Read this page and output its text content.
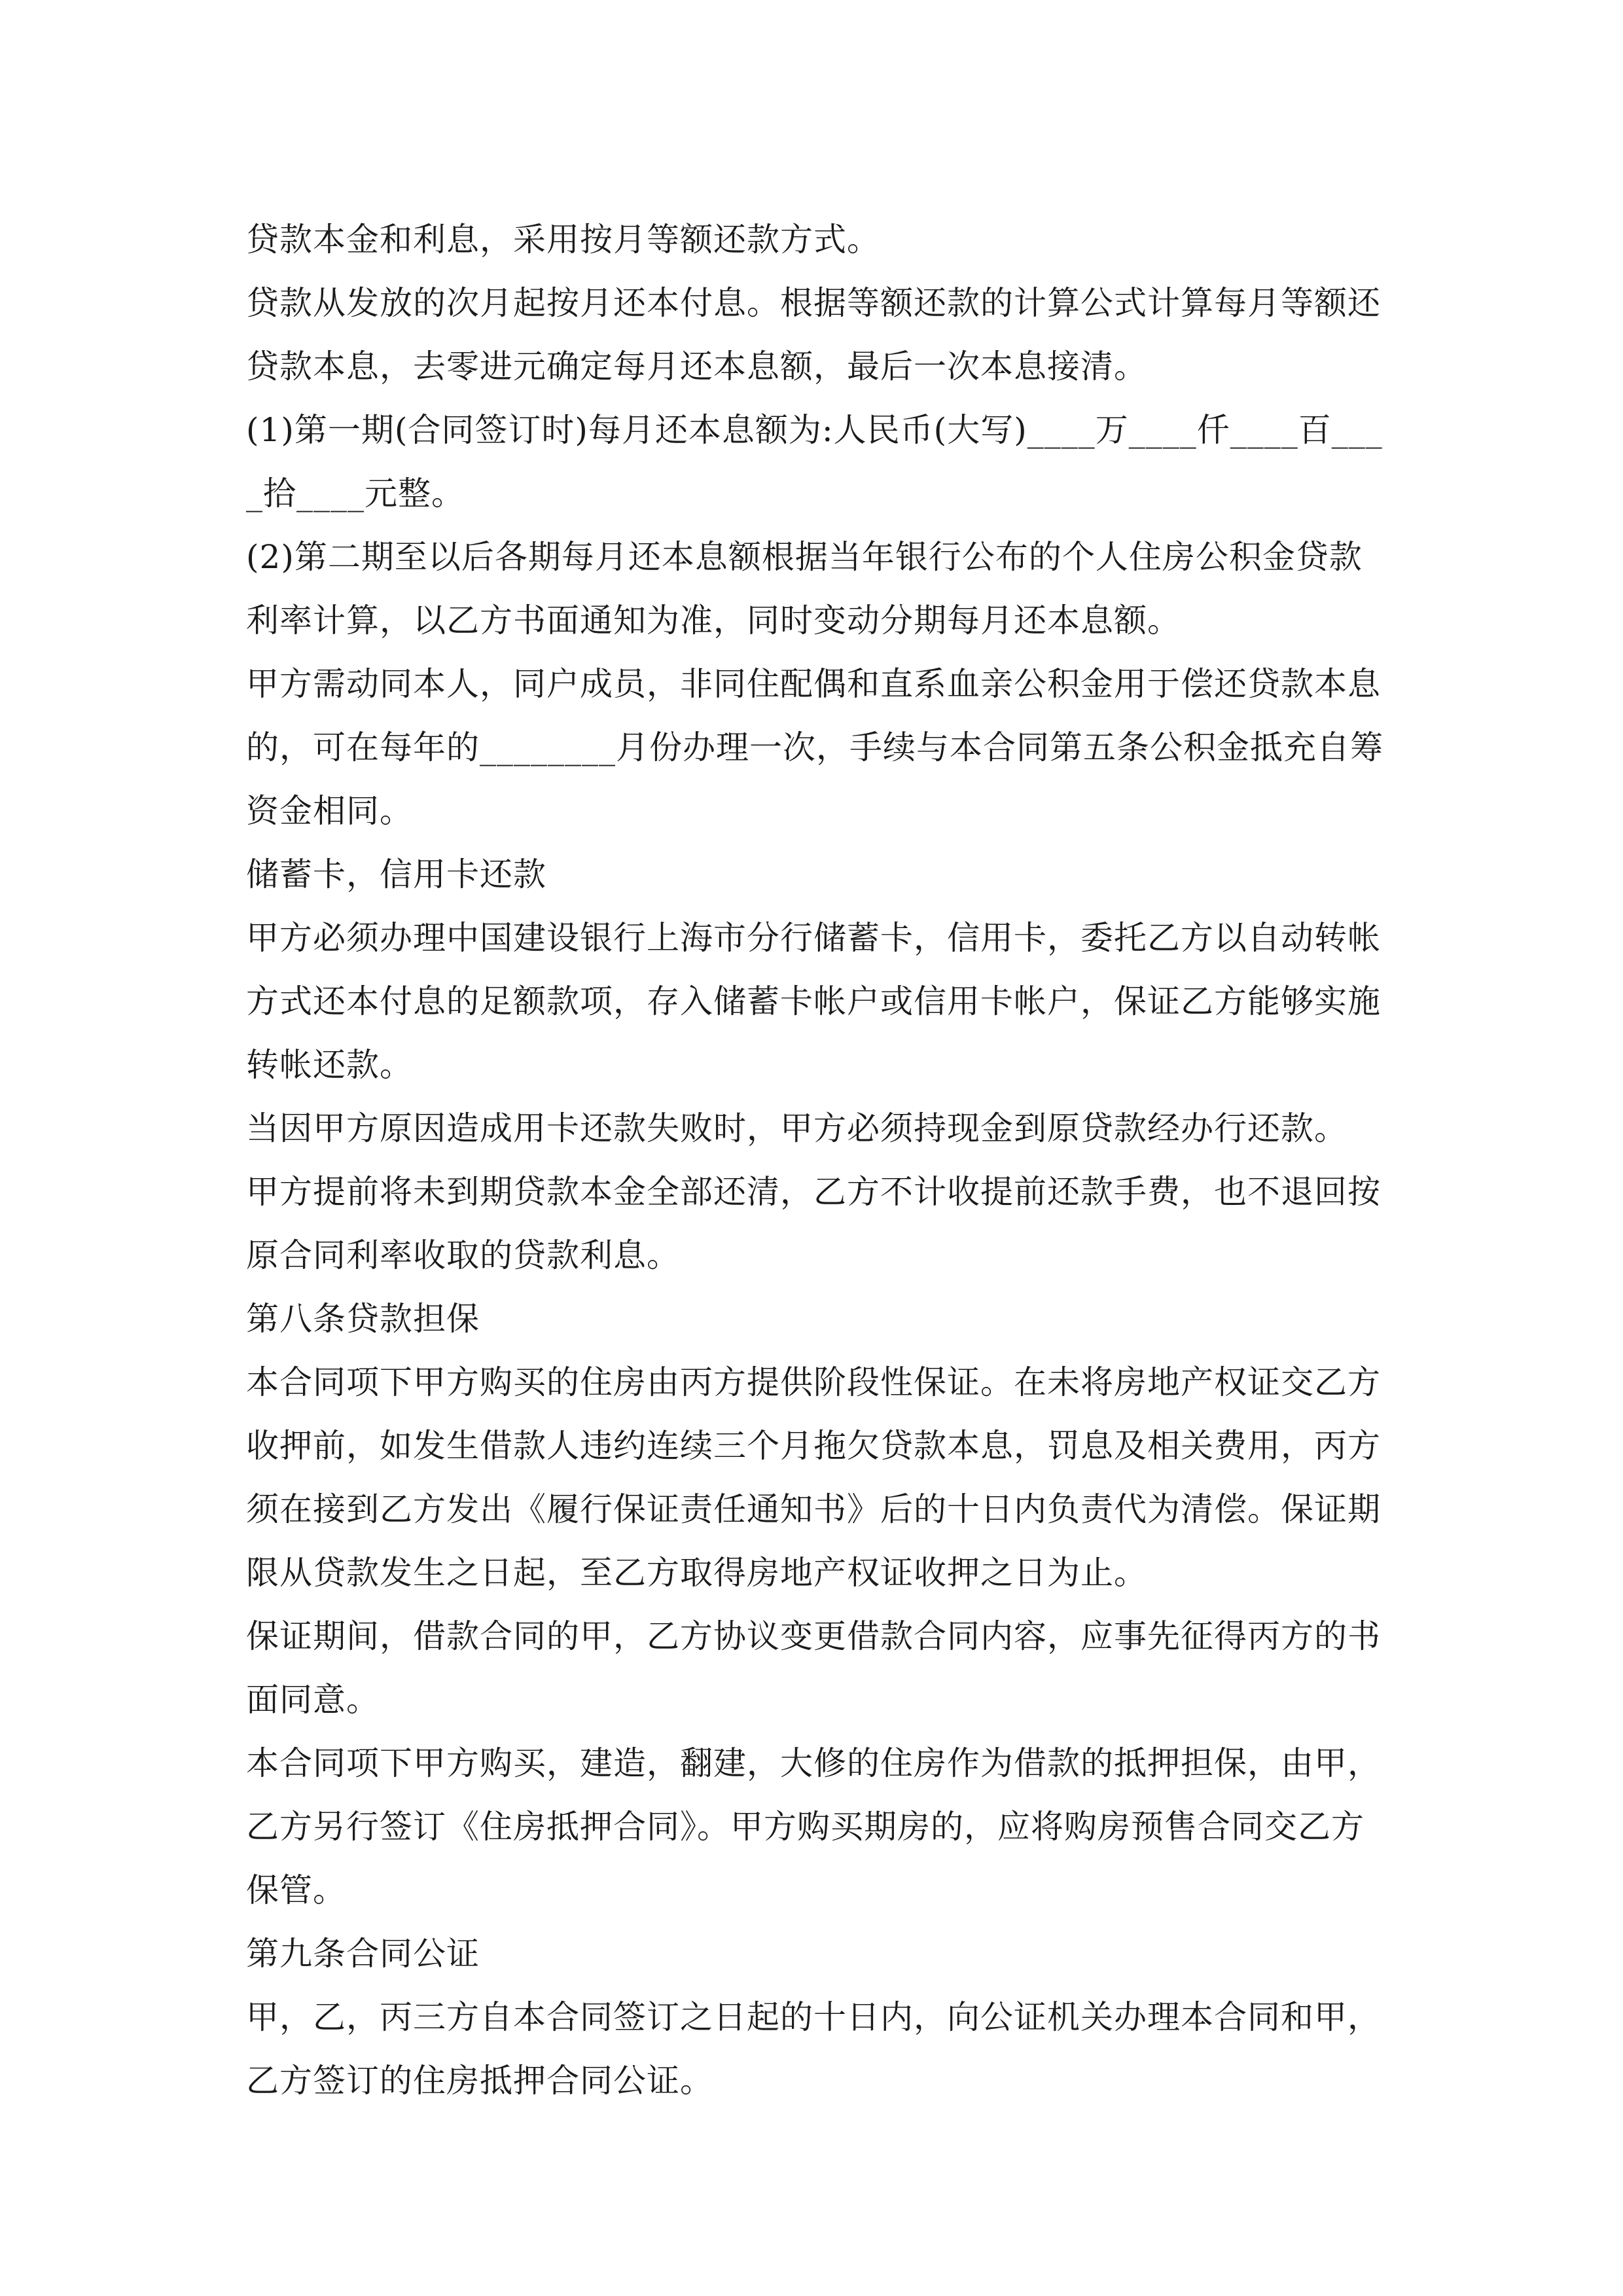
贷款本金和利息，采用按月等额还款方式。

贷款从发放的次月起按月还本付息。根据等额还款的计算公式计算每月等额还贷款本息，去零进元确定每月还本息额，最后一次本息接清。

(1)第一期(合同签订时)每月还本息额为:人民币(大写)____万____仟____百____拾____元整。

(2)第二期至以后各期每月还本息额根据当年银行公布的个人住房公积金贷款利率计算，以乙方书面通知为准，同时变动分期每月还本息额。

甲方需动同本人，同户成员，非同住配偶和直系血亲公积金用于偿还贷款本息的，可在每年的________月份办理一次，手续与本合同第五条公积金抵充自筹资金相同。

储蓄卡，信用卡还款

甲方必须办理中国建设银行上海市分行储蓄卡，信用卡，委托乙方以自动转帐方式还本付息的足额款项，存入储蓄卡帐户或信用卡帐户，保证乙方能够实施转帐还款。

当因甲方原因造成用卡还款失败时，甲方必须持现金到原贷款经办行还款。

甲方提前将未到期贷款本金全部还清，乙方不计收提前还款手费，也不退回按原合同利率收取的贷款利息。

第八条贷款担保

本合同项下甲方购买的住房由丙方提供阶段性保证。在未将房地产权证交乙方收押前，如发生借款人违约连续三个月拖欠贷款本息，罚息及相关费用，丙方须在接到乙方发出《履行保证责任通知书》后的十日内负责代为清偿。保证期限从贷款发生之日起，至乙方取得房地产权证收押之日为止。

保证期间，借款合同的甲，乙方协议变更借款合同内容，应事先征得丙方的书面同意。

本合同项下甲方购买，建造，翻建，大修的住房作为借款的抵押担保，由甲，乙方另行签订《住房抵押合同》。甲方购买期房的，应将购房预售合同交乙方保管。

第九条合同公证

甲，乙，丙三方自本合同签订之日起的十日内，向公证机关办理本合同和甲，乙方签订的住房抵押合同公证。
